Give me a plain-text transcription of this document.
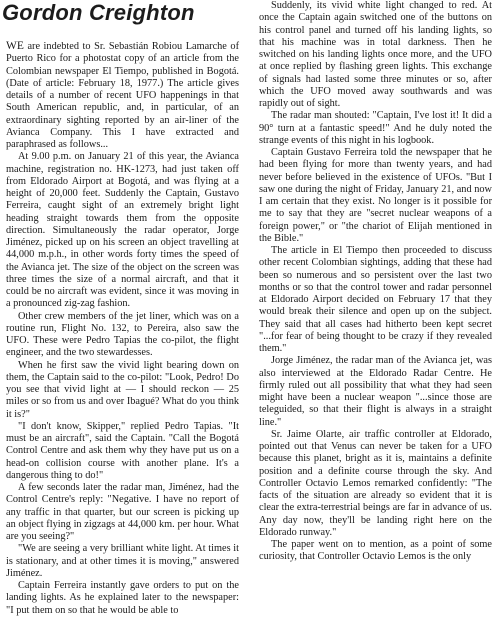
Gordon Creighton

WE are indebted to Sr. Sebastián Robiou Lamarche of Puerto Rico for a photostat copy of an article from the Colombian newspaper El Tiempo, published in Bogotá. (Date of article: February 18, 1977.) The article gives details of a number of recent UFO happenings in that South American republic, and, in particular, of an extraordinary sighting reported by an air-liner of the Avianca Company. This I have extracted and paraphrased as follows...

At 9.00 p.m. on January 21 of this year, the Avianca machine, registration no. HK-1273, had just taken off from Eldorado Airport at Bogotá, and was flying at a height of 20,000 feet. Suddenly the Captain, Gustavo Ferreira, caught sight of an extremely bright light heading straight towards them from the opposite direction. Simultaneously the radar operator, Jorge Jiménez, picked up on his screen an object travelling at 44,000 m.p.h., in other words forty times the speed of the Avianca jet. The size of the object on the screen was three times the size of a normal aircraft, and that it could be no aircraft was evident, since it was moving in a pronounced zig-zag fashion.

Other crew members of the jet liner, which was on a routine run, Flight No. 132, to Pereira, also saw the UFO. These were Pedro Tapias the co-pilot, the flight engineer, and the two stewardesses.

When he first saw the vivid light bearing down on them, the Captain said to the co-pilot: "Look, Pedro! Do you see that vivid light at — I should reckon — 25 miles or so from us and over Ibagué? What do you think it is?"

"I don't know, Skipper," replied Pedro Tapias. "It must be an aircraft", said the Captain. "Call the Bogotá Control Centre and ask them why they have put us on a head-on collision course with another plane. It's a dangerous thing to do!"

A few seconds later the radar man, Jiménez, had the Control Centre's reply: "Negative. I have no report of any traffic in that quarter, but our screen is picking up an object flying in zigzags at 44,000 km. per hour. What are you seeing?"

"We are seeing a very brilliant white light. At times it is stationary, and at other times it is moving," answered Jiménez.

Captain Ferreira instantly gave orders to put on the landing lights. As he explained later to the newspaper: "I put them on so that he would be able to

Suddenly, its vivid white light changed to red. At once the Captain again switched one of the buttons on his control panel and turned off his landing lights, so that his machine was in total darkness. Then he switched on his landing lights once more, and the UFO at once replied by flashing green lights. This exchange of signals had lasted some three minutes or so, after which the UFO moved away southwards and was rapidly out of sight.

The radar man shouted: "Captain, I've lost it! It did a 90° turn at a fantastic speed!" And he duly noted the strange events of this night in his logbook.

Captain Gustavo Ferreira told the newspaper that he had been flying for more than twenty years, and had never before believed in the existence of UFOs. "But I saw one during the night of Friday, January 21, and now I am certain that they exist. No longer is it possible for me to say that they are "secret nuclear weapons of a foreign power," or "the chariot of Elijah mentioned in the Bible."

The article in El Tiempo then proceeded to discuss other recent Colombian sightings, adding that these had been so numerous and so persistent over the last two months or so that the control tower and radar personnel at Eldorado Airport decided on February 17 that they would break their silence and open up on the subject. They said that all cases had hitherto been kept secret "...for fear of being thought to be crazy if they revealed them."

Jorge Jiménez, the radar man of the Avianca jet, was also interviewed at the Eldorado Radar Centre. He firmly ruled out all possibility that what they had seen might have been a nuclear weapon "...since those are teleguided, so that their flight is always in a straight line."

Sr. Jaime Olarte, air traffic controller at Eldorado, pointed out that Venus can never be taken for a UFO because this planet, bright as it is, maintains a definite position and a definite course through the sky. And Controller Octavio Lemos remarked confidently: "The facts of the situation are already so evident that it is clear the extra-terrestrial beings are far in advance of us. Any day now, they'll be landing right here on the Eldorado runway."

The paper went on to mention, as a point of some curiosity, that Controller Octavio Lemos is the only
